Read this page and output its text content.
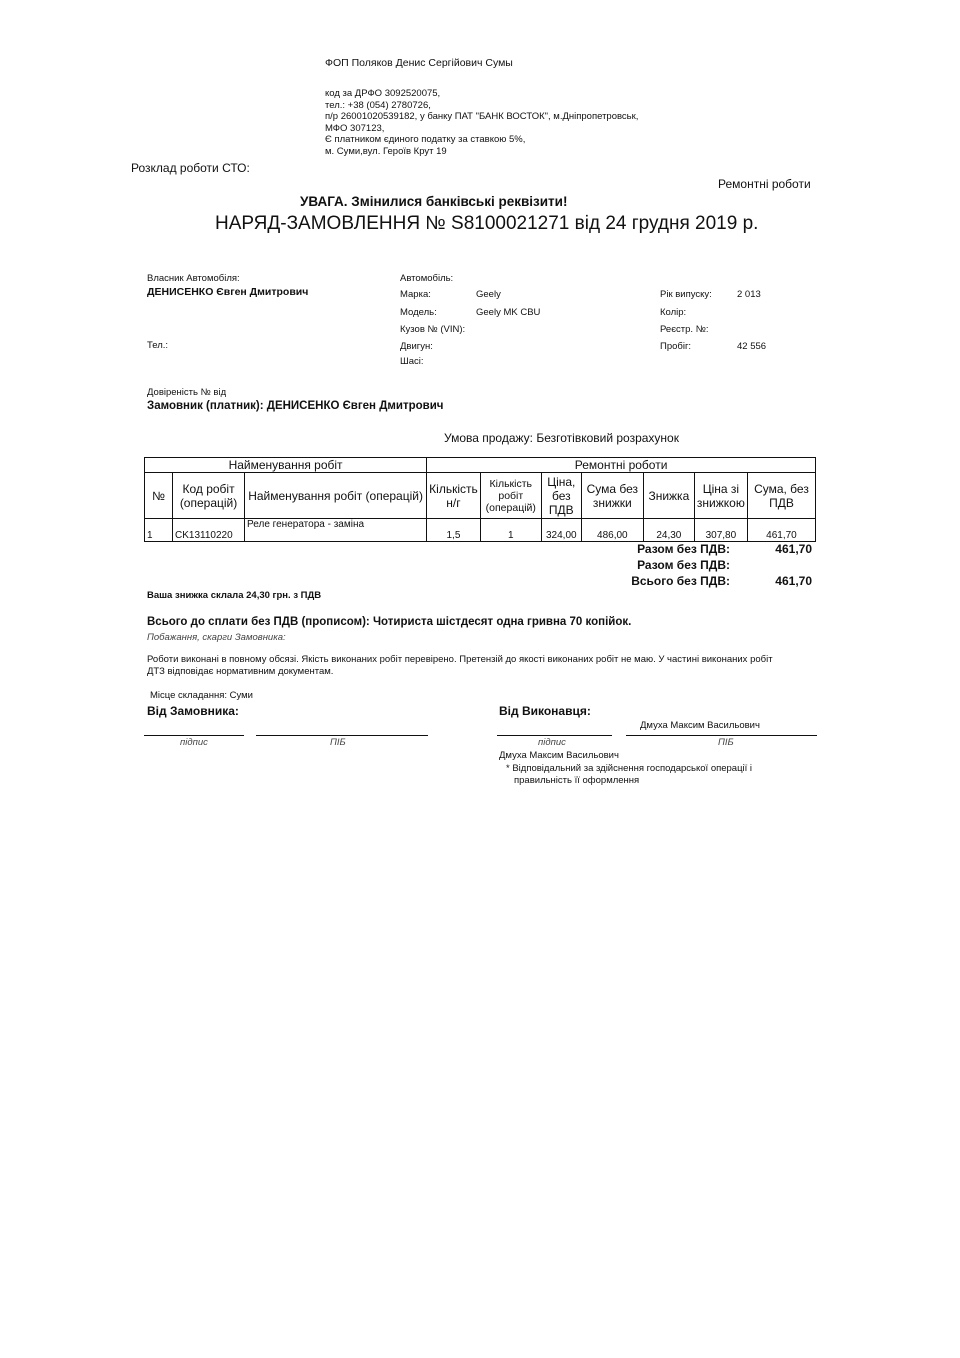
ФОП Поляков Денис Сергійович Сумы
код за ДРФО 3092520075,
тел.: +38 (054) 2780726,
п/р 26001020539182, у банку ПАТ "БАНК ВОСТОК", м.Дніпропетровськ,
МФО 307123,
Є платником єдиного податку за ставкою 5%,
м. Суми,вул. Героїв Крут 19
Розклад роботи СТО:
Ремонтні роботи
УВАГА. Змінилися банківські реквізити!
НАРЯД-ЗАМОВЛЕННЯ № S8100021271 від 24 грудня 2019 р.
Власник Автомобіля:
ДЕНИСЕНКО Євген Дмитрович
Тел.:
Автомобіль:
Марка:	Geely
Модель:	Geely MK CBU
Кузов № (VIN):
Двигун:
Шасі:
Рік випуску:	2 013
Колір:
Реєстр. №:
Пробіг:	42 556
Довіреність № від
Замовник (платник): ДЕНИСЕНКО Євген Дмитрович
Умова продажу: Безготівковий розрахунок
Найменування робіт			Ремонтні роботи						
№	Код робіт (операцій)	Найменування робіт (операцій)	Кількість н/г	Кількість робіт (операцій)	Ціна, без ПДВ	Сума без знижки	Знижка	Ціна зі знижкою	Сума, без ПДВ
1	CK13110220	Реле генератора - заміна	1,5	1	324,00	486,00	24,30	307,80	461,70
Разом без ПДВ:	461,70
Разом без ПДВ:
Всього без ПДВ:	461,70
Ваша знижка склала 24,30 грн. з ПДВ
Всього до сплати без ПДВ (прописом): Чотириста шістдесят одна гривна 70 копійок.
Побажання, скарги Замовника:
Роботи виконані в повному обсязі. Якість виконаних робіт перевірено. Претензій до якості виконаних робіт не маю. У частині виконаних робіт
ДТЗ відповідає нормативним документам.
Місце складання: Суми
Від Замовника:
підпис	ПІБ
Від Виконавця:
Дмуха Максим Васильович
підпис	ПІБ
Дмуха Максим Васильович
* Відповідальний за здійснення господарської операції і
правильність її оформлення
